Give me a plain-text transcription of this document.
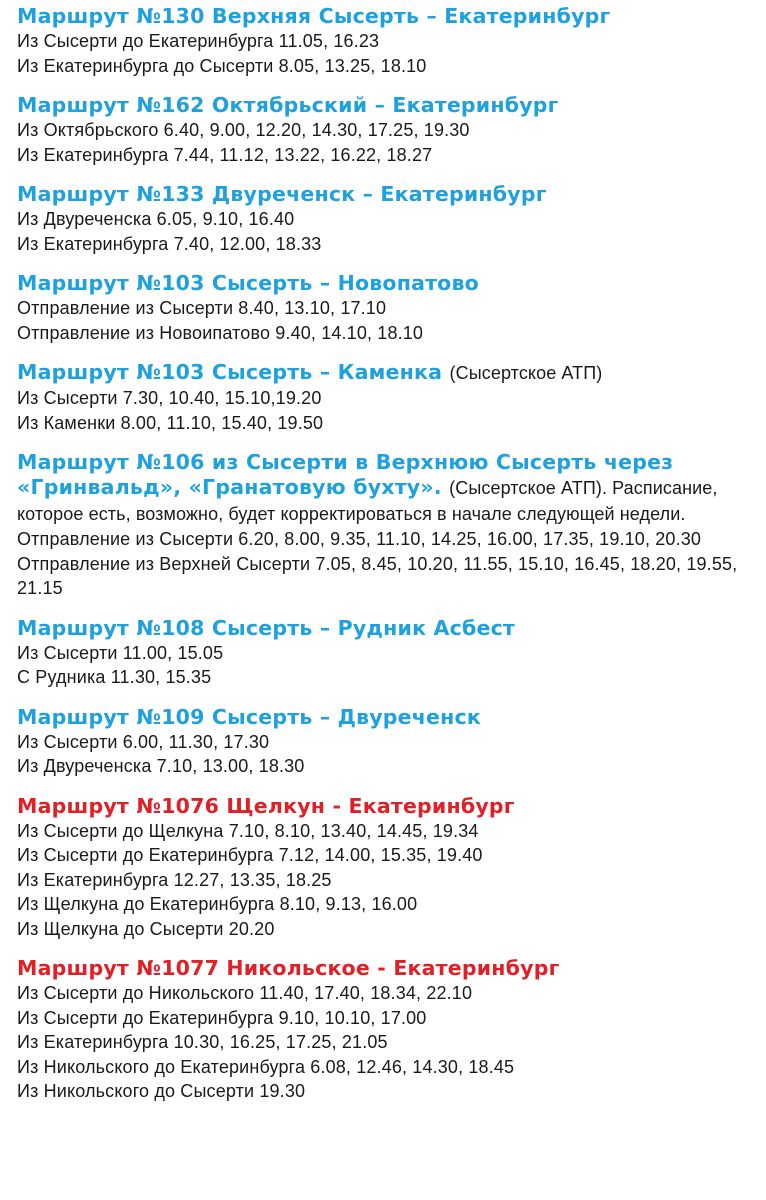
Маршрут №130 Верхняя Сысерть – Екатеринбург
Из Сысерти до Екатеринбурга 11.05, 16.23
Из Екатеринбурга до Сысерти 8.05, 13.25, 18.10
Маршрут №162 Октябрьский – Екатеринбург
Из Октябрьского 6.40, 9.00, 12.20, 14.30, 17.25, 19.30
Из Екатеринбурга 7.44, 11.12, 13.22, 16.22, 18.27
Маршрут №133 Двуреченск – Екатеринбург
Из Двуреченска 6.05, 9.10, 16.40
Из Екатеринбурга 7.40, 12.00, 18.33
Маршрут №103 Сысерть – Новопатово
Отправление из Сысерти 8.40, 13.10, 17.10
Отправление из Новоипатово 9.40, 14.10, 18.10
Маршрут №103 Сысерть – Каменка (Сысертское АТП)
Из Сысерти 7.30, 10.40, 15.10,19.20
Из Каменки 8.00, 11.10, 15.40, 19.50
Маршрут №106 из Сысерти в Верхнюю Сысерть через «Гринвальд», «Гранатовую бухту». (Сысертское АТП). Расписание, которое есть, возможно, будет корректироваться в начале следующей недели.
Отправление из Сысерти 6.20, 8.00, 9.35, 11.10, 14.25, 16.00, 17.35, 19.10, 20.30
Отправление из Верхней Сысерти 7.05, 8.45, 10.20, 11.55, 15.10, 16.45, 18.20, 19.55, 21.15
Маршрут №108 Сысерть – Рудник Асбест
Из Сысерти 11.00, 15.05
С Рудника 11.30, 15.35
Маршрут №109 Сысерть – Двуреченск
Из Сысерти 6.00, 11.30, 17.30
Из Двуреченска 7.10, 13.00, 18.30
Маршрут №1076 Щелкун - Екатеринбург
Из Сысерти до Щелкуна 7.10, 8.10, 13.40, 14.45, 19.34
Из Сысерти до Екатеринбурга 7.12, 14.00, 15.35, 19.40
Из Екатеринбурга 12.27, 13.35, 18.25
Из Щелкуна до Екатеринбурга 8.10, 9.13, 16.00
Из Щелкуна до Сысерти 20.20
Маршрут №1077 Никольское - Екатеринбург
Из Сысерти до Никольского 11.40, 17.40, 18.34, 22.10
Из Сысерти до Екатеринбурга 9.10, 10.10, 17.00
Из Екатеринбурга 10.30, 16.25, 17.25, 21.05
Из Никольского до Екатеринбурга 6.08, 12.46, 14.30, 18.45
Из Никольского до Сысерти 19.30
